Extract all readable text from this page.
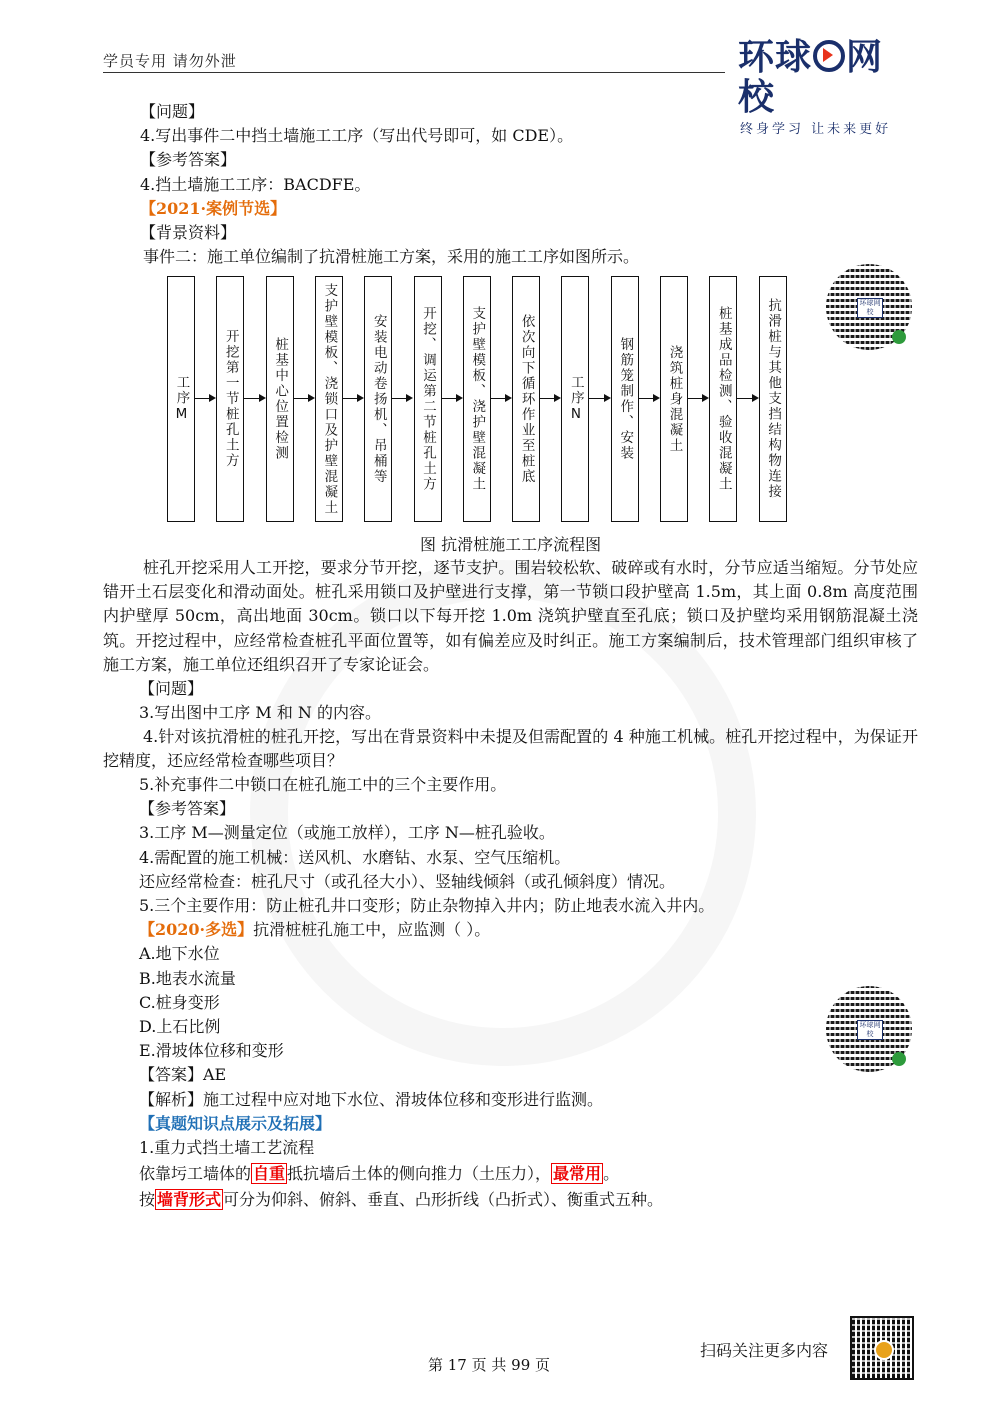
学员专用 请勿外泄	环球 网校
终身学习 让未来更好
【问题】
4.写出事件二中挡土墙施工工序（写出代号即可，如 CDE）。
【参考答案】
4.挡土墙施工工序：BACDFE。
【2021·案例节选】
【背景资料】
事件二：施工单位编制了抗滑桩施工方案，采用的施工工序如图所示。
工序M 开挖第一节桩孔土方 桩基中心位置检测 支护壁模板、浇锁口及护壁混凝土 安装电动卷扬机、吊桶等 开挖、调运第二节桩孔土方 支护壁模板、浇护壁混凝土 依次向下循环作业至桩底 工序N 钢筋笼制作、安装 浇筑桩身混凝土 桩基成品检测、验收混凝土 抗滑桩与其他支挡结构物连接
图 抗滑桩施工工序流程图
环球网校
桩孔开挖采用人工开挖，要求分节开挖，逐节支护。围岩较松软、破碎或有水时，分节应适当缩短。分节处应错开土石层变化和滑动面处。桩孔采用锁口及护壁进行支撑，第一节锁口段护壁高 1.5m，其上面 0.8m 高度范围内护壁厚 50cm，高出地面 30cm。锁口以下每开挖 1.0m 浇筑护壁直至孔底；锁口及护壁均采用钢筋混凝土浇筑。开挖过程中，应经常检查桩孔平面位置等，如有偏差应及时纠正。施工方案编制后，技术管理部门组织审核了施工方案，施工单位还组织召开了专家论证会。
【问题】
3.写出图中工序 M 和 N 的内容。
4.针对该抗滑桩的桩孔开挖，写出在背景资料中未提及但需配置的 4 种施工机械。桩孔开挖过程中，为保证开挖精度，还应经常检查哪些项目？
5.补充事件二中锁口在桩孔施工中的三个主要作用。
【参考答案】
3.工序 M—测量定位（或施工放样），工序 N—桩孔验收。
4.需配置的施工机械：送风机、水磨钻、水泵、空气压缩机。
还应经常检查：桩孔尺寸（或孔径大小）、竖轴线倾斜（或孔倾斜度）情况。
5.三个主要作用：防止桩孔井口变形；防止杂物掉入井内；防止地表水流入井内。
【2020·多选】抗滑桩桩孔施工中，应监测（ ）。
A.地下水位
B.地表水流量
C.桩身变形
D.上石比例
E.滑坡体位移和变形
【答案】AE
【解析】施工过程中应对地下水位、滑坡体位移和变形进行监测。
【真题知识点展示及拓展】
1.重力式挡土墙工艺流程
依靠圬工墙体的 自重 抵抗墙后土体的侧向推力（土压力）， 最常用 。
按 墙背形式 可分为仰斜、俯斜、垂直、凸形折线（凸折式）、衡重式五种。
环球网校
扫码关注更多内容
第 17 页 共 99 页
